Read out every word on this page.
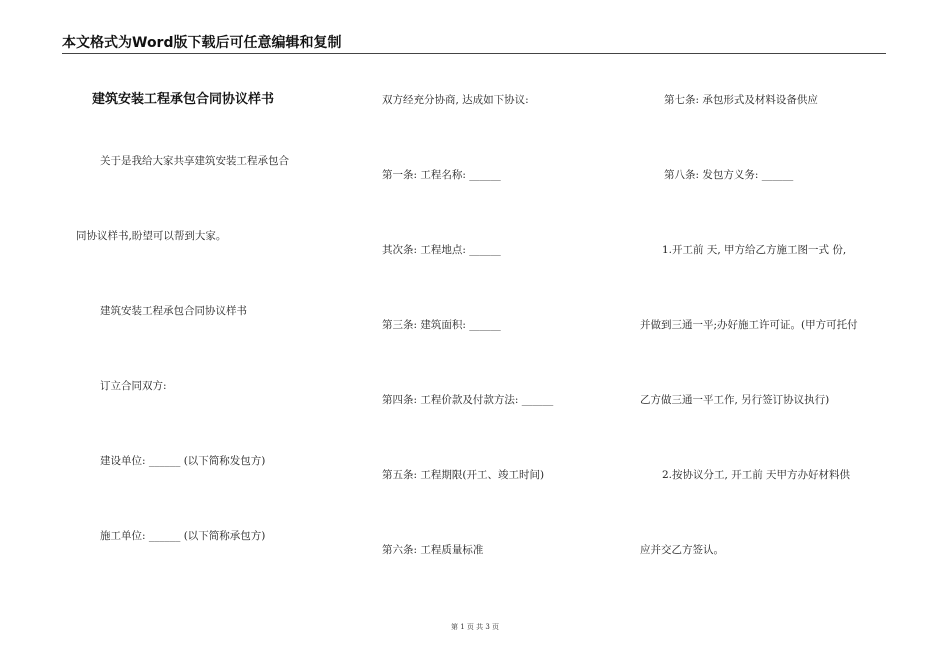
本文格式为Word版下载后可任意编辑和复制
建筑安装工程承包合同协议样书
关于是我给大家共享建筑安装工程承包合
同协议样书,盼望可以帮到大家。
建筑安装工程承包合同协议样书
订立合同双方:
建设单位: ______ (以下简称发包方)
施工单位: ______ (以下简称承包方)
双方经充分协商, 达成如下协议:
第一条: 工程名称: ______
其次条: 工程地点: ______
第三条: 建筑面积: ______
第四条: 工程价款及付款方法: ______
第五条: 工程期限(开工、竣工时间)
第六条: 工程质量标准
第七条: 承包形式及材料设备供应
第八条: 发包方义务: ______
1.开工前 天, 甲方给乙方施工图一式 份,
并做到三通一平;办好施工许可证。(甲方可托付
乙方做三通一平工作, 另行签订协议执行)
2.按协议分工, 开工前 天甲方办好材料供
应并交乙方签认。
第 1 页 共 3 页
